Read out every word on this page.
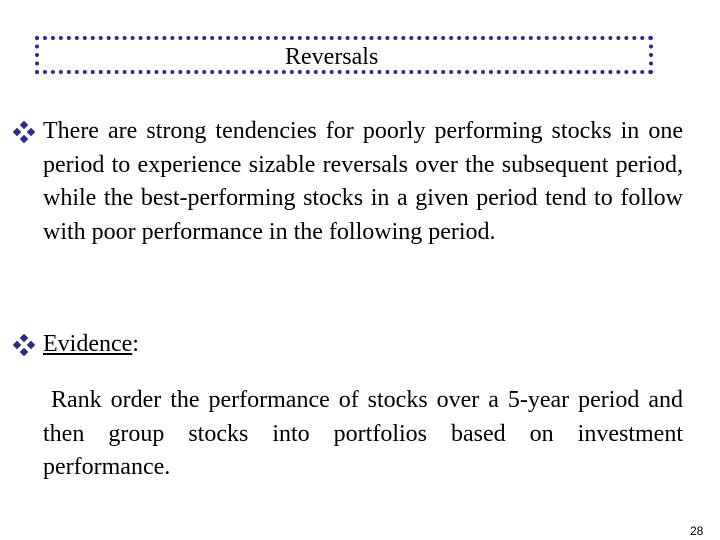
Reversals
There are strong tendencies for poorly performing stocks in one period to experience sizable reversals over the subsequent period, while the best-performing stocks in a given period tend to follow with poor performance in the following period.
Evidence:
Rank order the performance of stocks over a 5-year period and then group stocks into portfolios based on investment performance.
28
